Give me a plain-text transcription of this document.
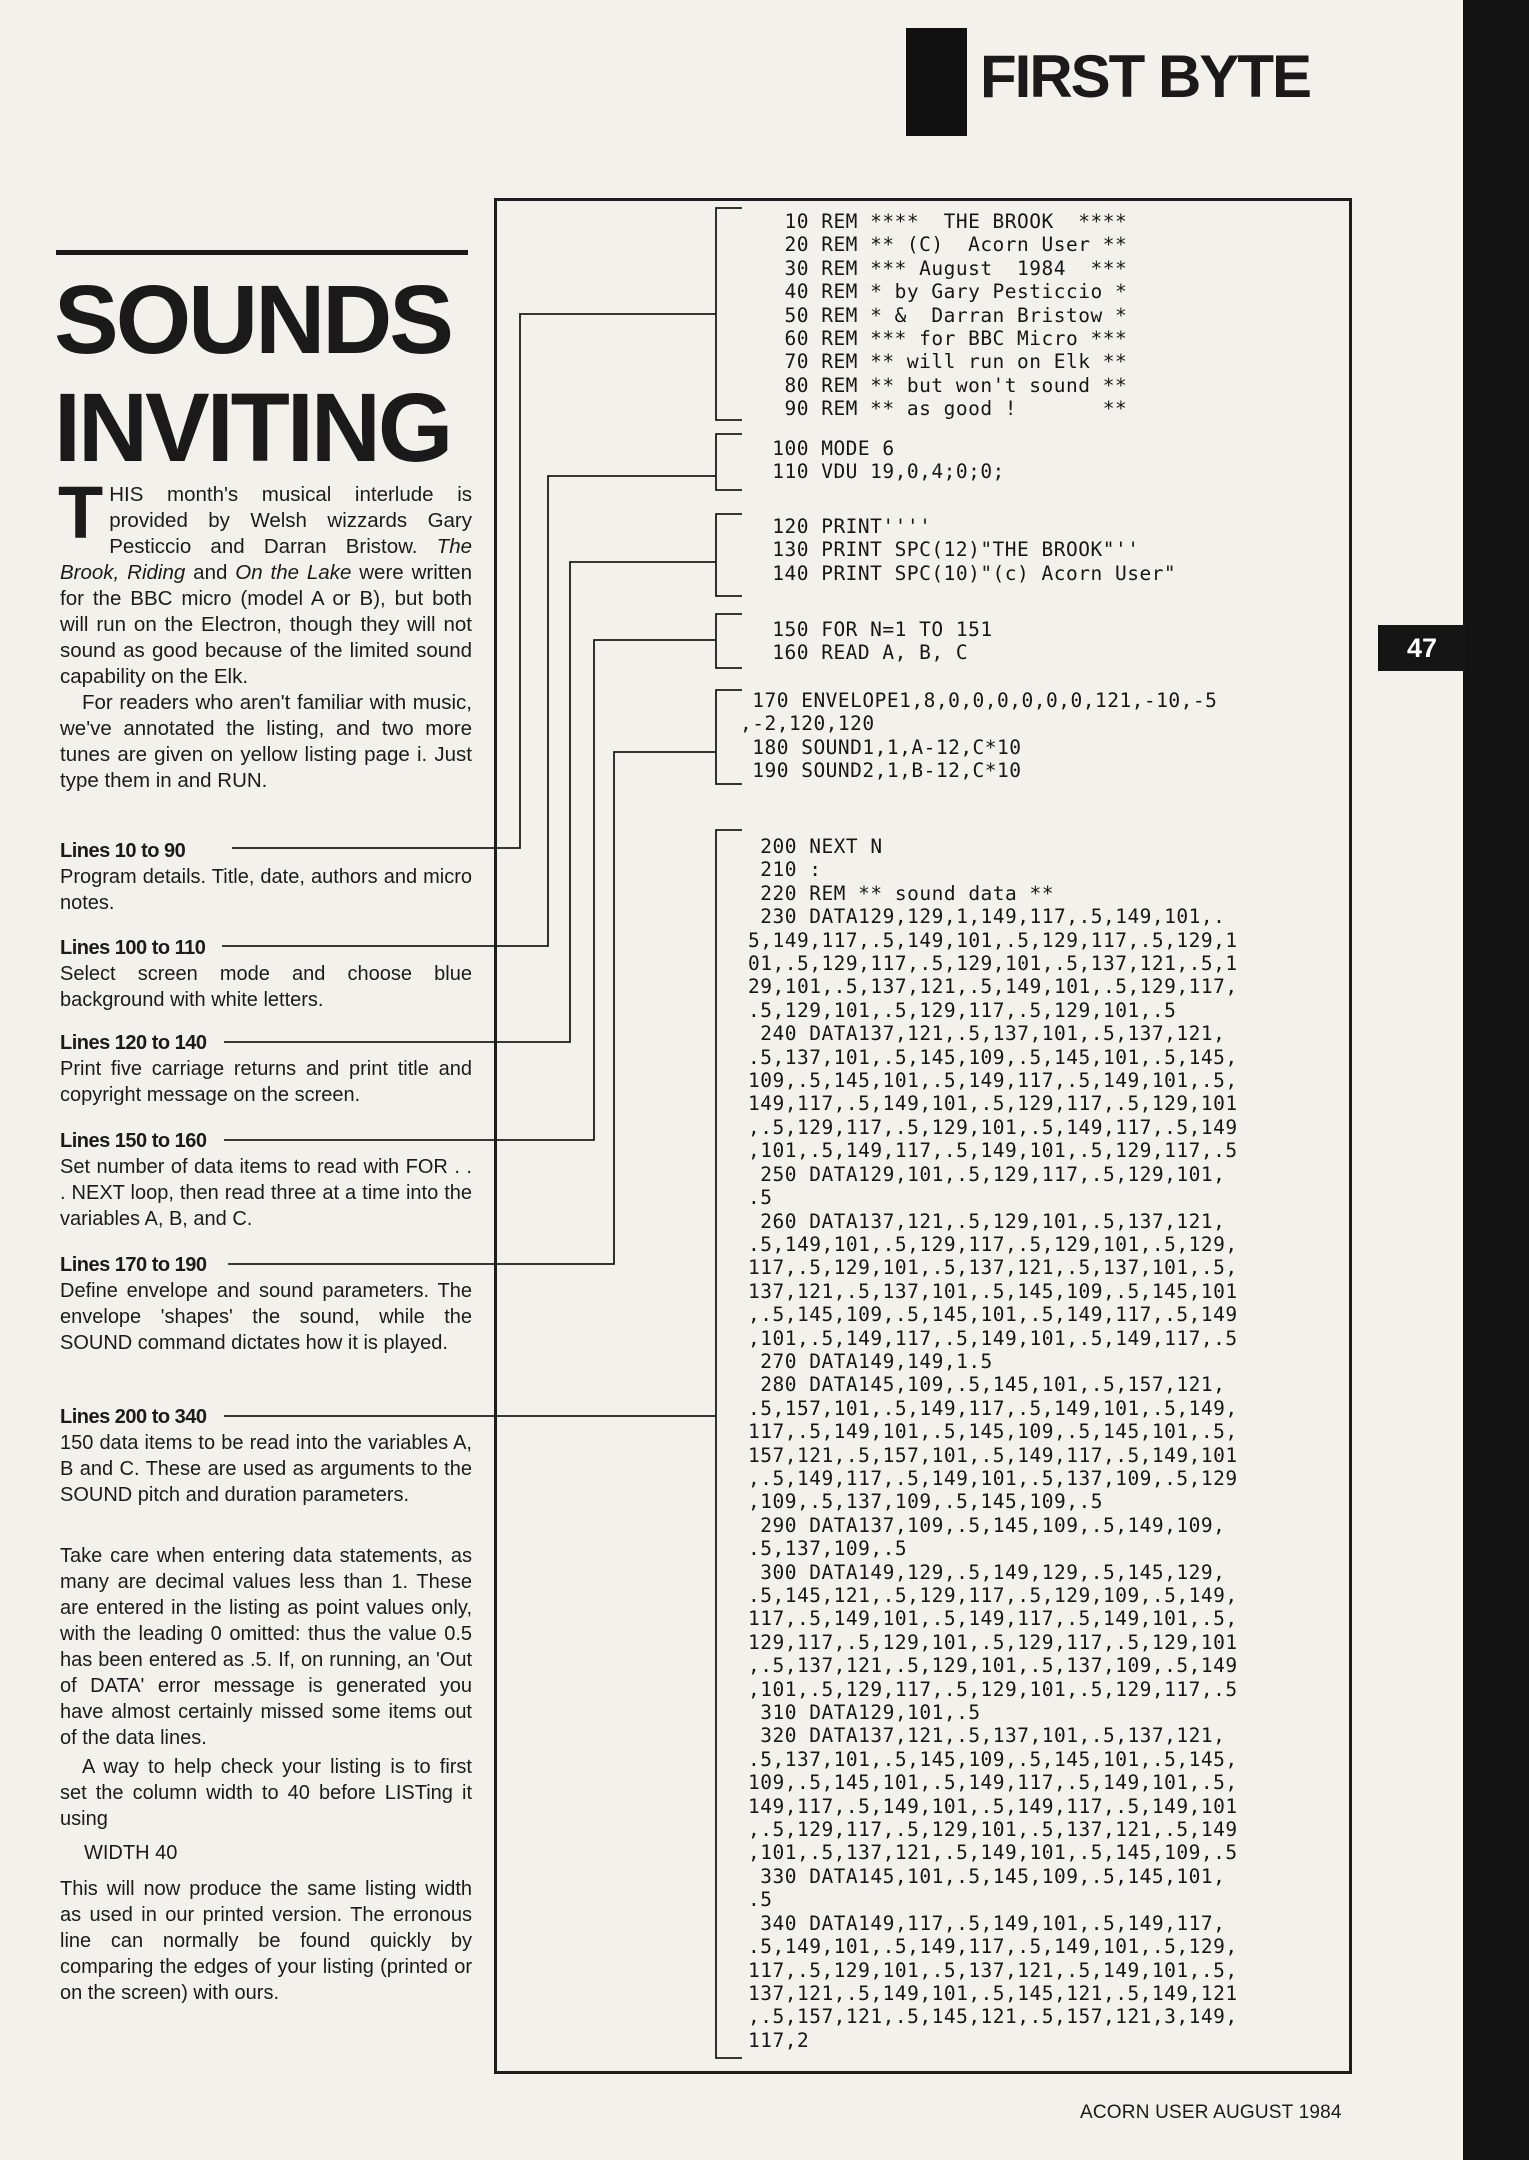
47
FIRST BYTE
SOUNDS
INVITING

THIS month's musical interlude is provided by Welsh wizzards Gary Pesticcio and Darran Bristow. The Brook, Riding and On the Lake were written for the BBC micro (model A or B), but both will run on the Electron, though they will not sound as good because of the limited sound capability on the Elk.

For readers who aren't familiar with music, we've annotated the listing, and two more tunes are given on yellow listing page i. Just type them in and RUN.

Lines 10 to 90
Program details. Title, date, authors and micro notes.
Lines 100 to 110
Select screen mode and choose blue background with white letters.
Lines 120 to 140
Print five carriage returns and print title and copyright message on the screen.
Lines 150 to 160
Set number of data items to read with FOR . . . NEXT loop, then read three at a time into the variables A, B, and C.
Lines 170 to 190
Define envelope and sound parameters. The envelope 'shapes' the sound, while the SOUND command dictates how it is played.
Lines 200 to 340
150 data items to be read into the variables A, B and C. These are used as arguments to the SOUND pitch and duration parameters.

Take care when entering data statements, as many are decimal values less than 1. These are entered in the listing as point values only, with the leading 0 omitted: thus the value 0.5 has been entered as .5. If, on running, an 'Out of DATA' error message is generated you have almost certainly missed some items out of the data lines.

A way to help check your listing is to first set the column width to 40 before LISTing it using

WIDTH 40

This will now produce the same listing width as used in our printed version. The erronous line can normally be found quickly by comparing the edges of your listing (printed or on the screen) with ours.

10 REM ****  THE BROOK  ****
20 REM ** (C)  Acorn User **
30 REM *** August  1984  ***
40 REM * by Gary Pesticcio *
50 REM * &  Darran Bristow *
60 REM *** for BBC Micro ***
70 REM ** will run on Elk **
80 REM ** but won't sound **
90 REM ** as good !       **
100 MODE 6
110 VDU 19,0,4;0;0;
120 PRINT''''
130 PRINT SPC(12)"THE BROOK"''
140 PRINT SPC(10)"(c) Acorn User"
150 FOR N=1 TO 151
160 READ A, B, C
170 ENVELOPE1,8,0,0,0,0,0,0,121,-10,-5
,-2,120,120
180 SOUND1,1,A-12,C*10
190 SOUND2,1,B-12,C*10
200 NEXT N
210 :
220 REM ** sound data **
230 DATA129,129,1,149,117,.5,149,101,.
5,149,117,.5,149,101,.5,129,117,.5,129,1
01,.5,129,117,.5,129,101,.5,137,121,.5,1
29,101,.5,137,121,.5,149,101,.5,129,117,
.5,129,101,.5,129,117,.5,129,101,.5
240 DATA137,121,.5,137,101,.5,137,121,
.5,137,101,.5,145,109,.5,145,101,.5,145,
109,.5,145,101,.5,149,117,.5,149,101,.5,
149,117,.5,149,101,.5,129,117,.5,129,101
,.5,129,117,.5,129,101,.5,149,117,.5,149
,101,.5,149,117,.5,149,101,.5,129,117,.5
250 DATA129,101,.5,129,117,.5,129,101,
.5
260 DATA137,121,.5,129,101,.5,137,121,
.5,149,101,.5,129,117,.5,129,101,.5,129,
117,.5,129,101,.5,137,121,.5,137,101,.5,
137,121,.5,137,101,.5,145,109,.5,145,101
,.5,145,109,.5,145,101,.5,149,117,.5,149
,101,.5,149,117,.5,149,101,.5,149,117,.5
270 DATA149,149,1.5
280 DATA145,109,.5,145,101,.5,157,121,
.5,157,101,.5,149,117,.5,149,101,.5,149,
117,.5,149,101,.5,145,109,.5,145,101,.5,
157,121,.5,157,101,.5,149,117,.5,149,101
,.5,149,117,.5,149,101,.5,137,109,.5,129
,109,.5,137,109,.5,145,109,.5
290 DATA137,109,.5,145,109,.5,149,109,
.5,137,109,.5
300 DATA149,129,.5,149,129,.5,145,129,
.5,145,121,.5,129,117,.5,129,109,.5,149,
117,.5,149,101,.5,149,117,.5,149,101,.5,
129,117,.5,129,101,.5,129,117,.5,129,101
,.5,137,121,.5,129,101,.5,137,109,.5,149
,101,.5,129,117,.5,129,101,.5,129,117,.5
310 DATA129,101,.5
320 DATA137,121,.5,137,101,.5,137,121,
.5,137,101,.5,145,109,.5,145,101,.5,145,
109,.5,145,101,.5,149,117,.5,149,101,.5,
149,117,.5,149,101,.5,149,117,.5,149,101
,.5,129,117,.5,129,101,.5,137,121,.5,149
,101,.5,137,121,.5,149,101,.5,145,109,.5
330 DATA145,101,.5,145,109,.5,145,101,
.5
340 DATA149,117,.5,149,101,.5,149,117,
.5,149,101,.5,149,117,.5,149,101,.5,129,
117,.5,129,101,.5,137,121,.5,149,101,.5,
137,121,.5,149,101,.5,145,121,.5,149,121
,.5,157,121,.5,145,121,.5,157,121,3,149,
117,2
ACORN USER AUGUST 1984
